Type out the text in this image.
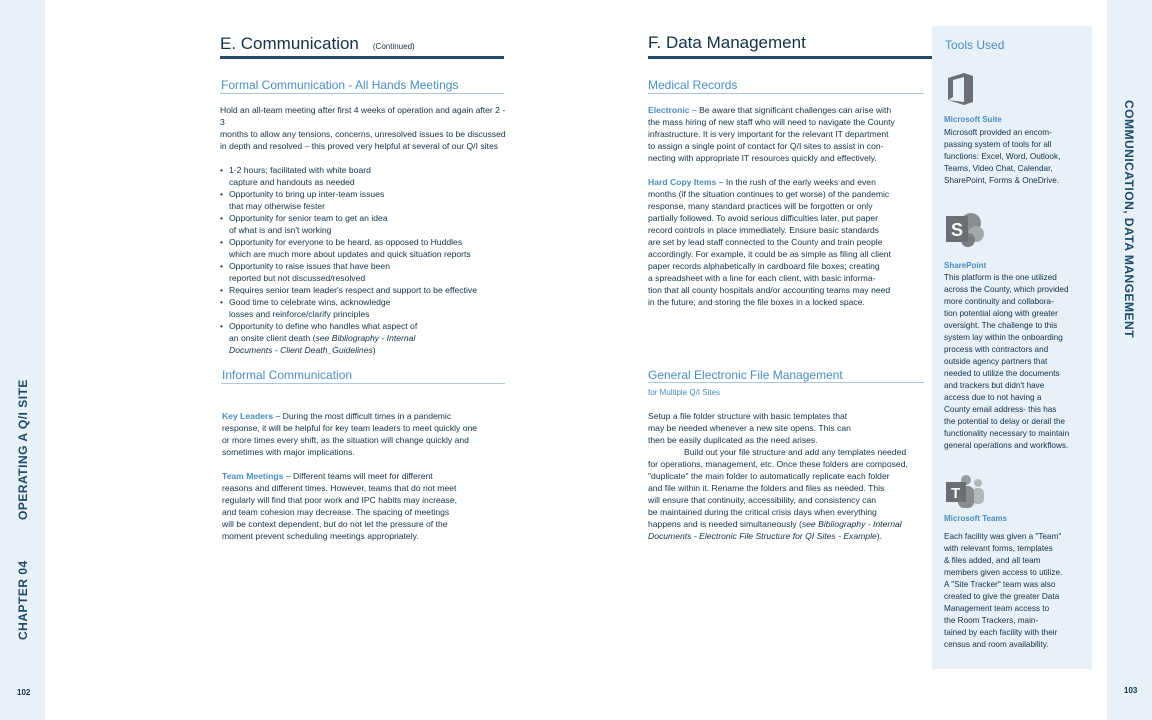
CHAPTER 04
OPERATING A Q/I SITE
COMMUNICATION, DATA MANGEMENT
102	103
E. Communication (Continued)
Formal Communication - All Hands Meetings

Hold an all-team meeting after first 4 weeks of operation and again after 2 - 3
months to allow any tensions, concerns, unresolved issues to be discussed
in depth and resolved – this proved very helpful at several of our Q/I sites

• 1-2 hours; facilitated with white board
capture and handouts as needed
• Opportunity to bring up inter-team issues
that may otherwise fester
• Opportunity for senior team to get an idea
of what is and isn't working
• Opportunity for everyone to be heard, as opposed to Huddles
which are much more about updates and quick situation reports
• Opportunity to raise issues that have been
reported but not discussed/resolved
• Requires senior team leader's respect and support to be effective
• Good time to celebrate wins, acknowledge
losses and reinforce/clarify principles
• Opportunity to define who handles what aspect of
an onsite client death (see Bibliography - Internal
Documents - Client Death_Guidelines)
Informal Communication

Key Leaders – During the most difficult times in a pandemic
response, it will be helpful for key team leaders to meet quickly one
or more times every shift, as the situation will change quickly and
sometimes with major implications.

Team Meetings – Different teams will meet for different
reasons and different times. However, teams that do not meet
regularly will find that poor work and IPC habits may increase,
and team cohesion may decrease. The spacing of meetings
will be context dependent, but do not let the pressure of the
moment prevent scheduling meetings appropriately.

F. Data Management
Medical Records

Electronic – Be aware that significant challenges can arise with
the mass hiring of new staff who will need to navigate the County
infrastructure. It is very important for the relevant IT department
to assign a single point of contact for Q/I sites to assist in con-
necting with appropriate IT resources quickly and effectively.

Hard Copy Items – In the rush of the early weeks and even
months (if the situation continues to get worse) of the pandemic
response, many standard practices will be forgotten or only
partially followed. To avoid serious difficulties later, put paper
record controls in place immediately. Ensure basic standards
are set by lead staff connected to the County and train people
accordingly. For example, it could be as simple as filing all client
paper records alphabetically in cardboard file boxes; creating
a spreadsheet with a line for each client, with basic informa-
tion that all county hospitals and/or accounting teams may need
in the future; and storing the file boxes in a locked space.

General Electronic File Management
for Multiple Q/I Sites

Setup a file folder structure with basic templates that
may be needed whenever a new site opens. This can
then be easily duplicated as the need arises.
Build out your file structure and add any templates needed
for operations, management, etc. Once these folders are composed,
"duplicate" the main folder to automatically replicate each folder
and file within it. Rename the folders and files as needed. This
will ensure that continuity, accessibility, and consistency can
be maintained during the critical crisis days when everything
happens and is needed simultaneously (see Bibliography - Internal
Documents - Electronic File Structure for QI Sites - Example).

Tools Used
Microsoft Suite
Microsoft provided an encom-
passing system of tools for all
functions: Excel, Word, Outlook,
Teams, Video Chat, Calendar,
SharePoint, Forms & OneDrive.
S
SharePoint
This platform is the one utilized
across the County, which provided
more continuity and collabora-
tion potential along with greater
oversight. The challenge to this
system lay within the onboarding
process with contractors and
outside agency partners that
needed to utilize the documents
and trackers but didn't have
access due to not having a
County email address- this has
the potential to delay or derail the
functionality necessary to maintain
general operations and workflows.
T
Microsoft Teams
Each facility was given a "Team"
with relevant forms, templates
& files added, and all team
members given access to utilize.
A "Site Tracker" team was also
created to give the greater Data
Management team access to
the Room Trackers, main-
tained by each facility with their
census and room availability.
